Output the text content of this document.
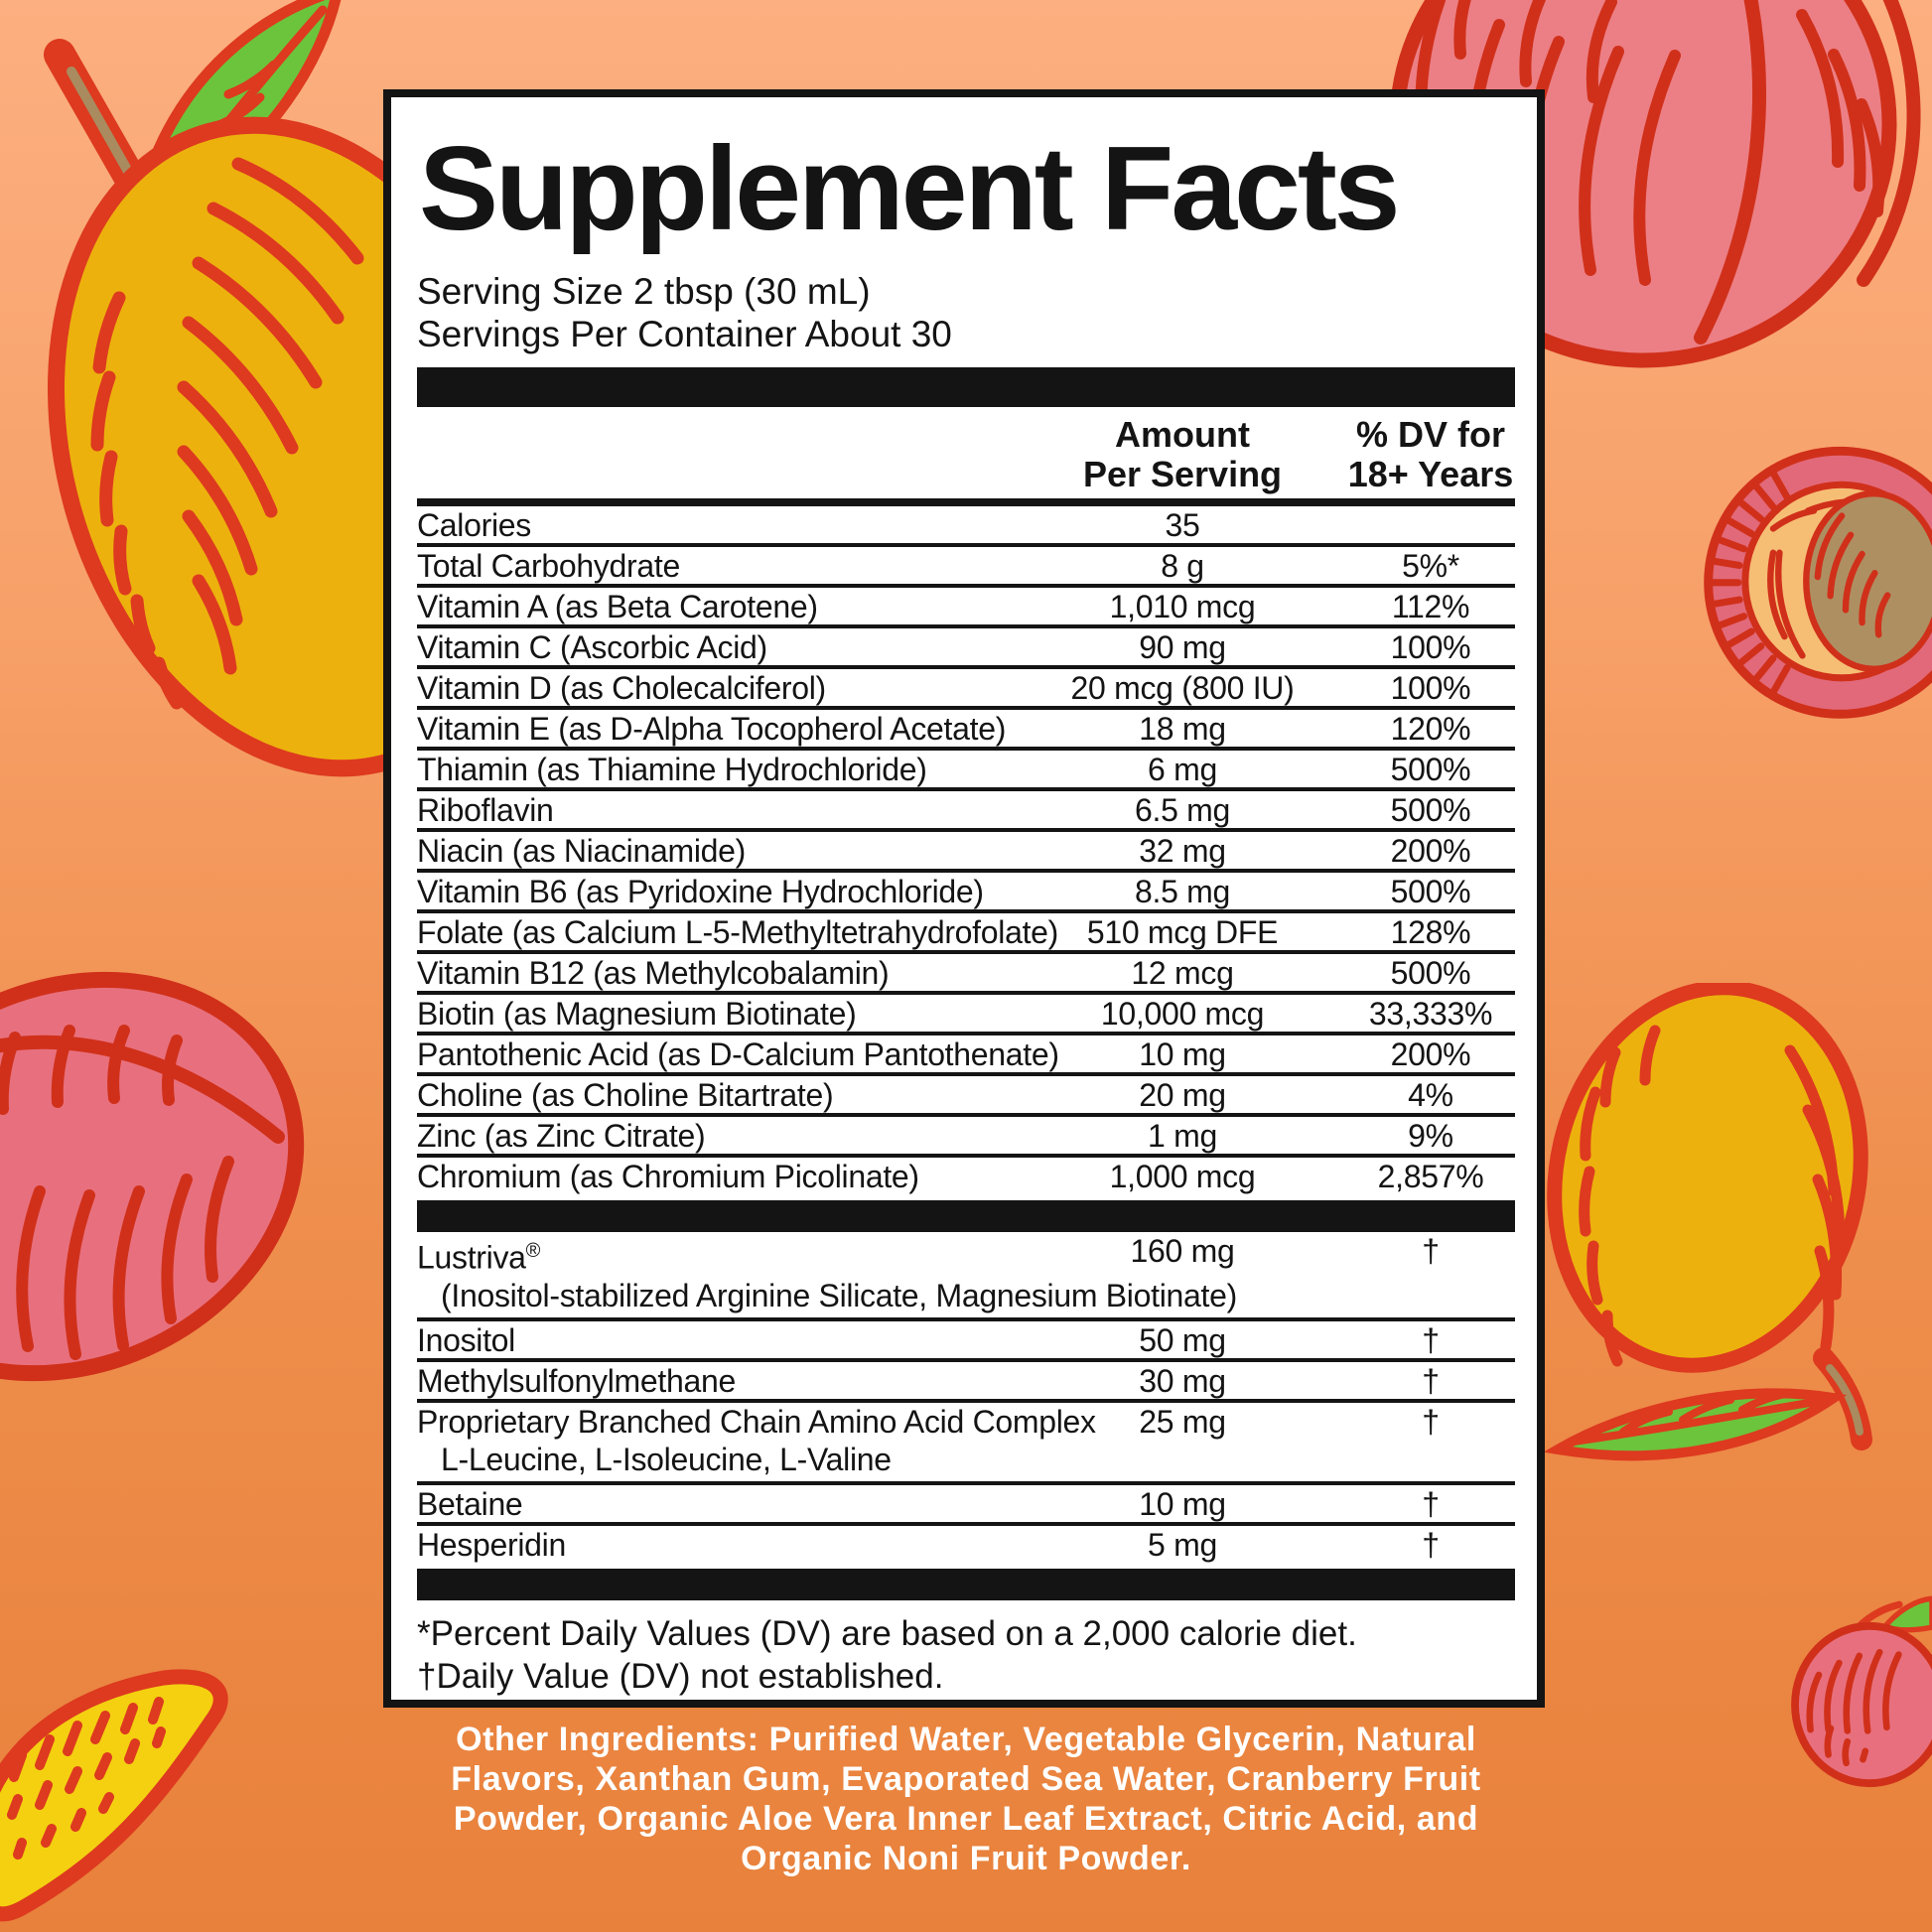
Supplement Facts
Serving Size 2 tbsp (30 mL)
Servings Per Container About 30
Amount
Per Serving
% DV for
18+ Years
Calories	35
Total Carbohydrate	8 g	5%*
Vitamin A (as Beta Carotene)	1,010 mcg	112%
Vitamin C (Ascorbic Acid)	90 mg	100%
Vitamin D (as Cholecalciferol)	20 mcg (800 IU)	100%
Vitamin E (as D-Alpha Tocopherol Acetate)	18 mg	120%
Thiamin (as Thiamine Hydrochloride)	6 mg	500%
Riboflavin	6.5 mg	500%
Niacin (as Niacinamide)	32 mg	200%
Vitamin B6 (as Pyridoxine Hydrochloride)	8.5 mg	500%
Folate (as Calcium L-5-Methyltetrahydrofolate) 510 mcg DFE	128%
Vitamin B12 (as Methylcobalamin)	12 mcg	500%
Biotin (as Magnesium Biotinate)	10,000 mcg	33,333%
Pantothenic Acid (as D-Calcium Pantothenate)	10 mg	200%
Choline (as Choline Bitartrate)	20 mg	4%
Zinc (as Zinc Citrate)	1 mg	9%
Chromium (as Chromium Picolinate)	1,000 mcg	2,857%
Lustriva®	160 mg	†
(Inositol-stabilized Arginine Silicate, Magnesium Biotinate)
Inositol	50 mg	†
Methylsulfonylmethane	30 mg	†
Proprietary Branched Chain Amino Acid Complex	25 mg	†
L-Leucine, L-Isoleucine, L-Valine
Betaine	10 mg	†
Hesperidin	5 mg	†
*Percent Daily Values (DV) are based on a 2,000 calorie diet.
†Daily Value (DV) not established.
Other Ingredients: Purified Water, Vegetable Glycerin, Natural Flavors, Xanthan Gum, Evaporated Sea Water, Cranberry Fruit Powder, Organic Aloe Vera Inner Leaf Extract, Citric Acid, and Organic Noni Fruit Powder.
